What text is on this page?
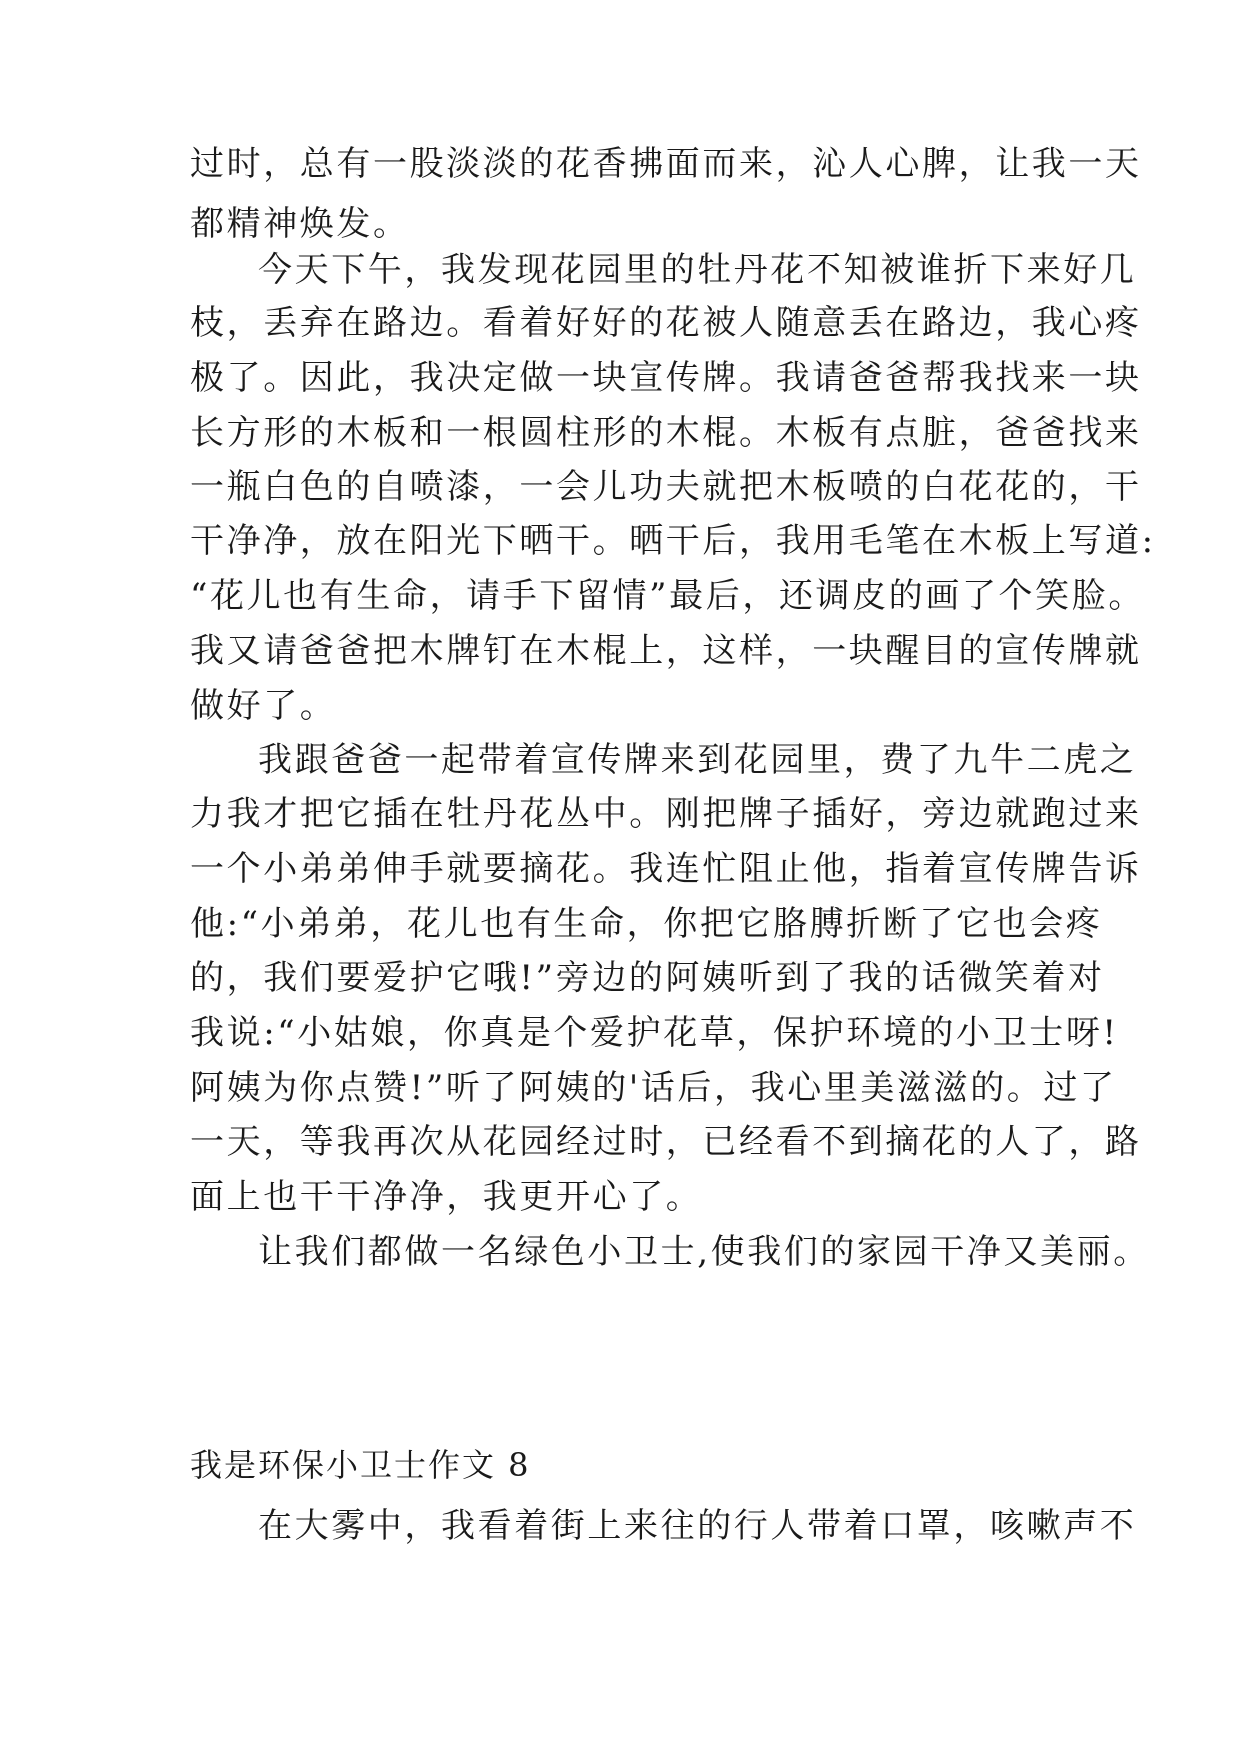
过时，总有一股淡淡的花香拂面而来，沁人心脾，让我一天
都精神焕发。
今天下午，我发现花园里的牡丹花不知被谁折下来好几
枝，丢弃在路边。看着好好的花被人随意丢在路边，我心疼
极了。因此，我决定做一块宣传牌。我请爸爸帮我找来一块
长方形的木板和一根圆柱形的木棍。木板有点脏，爸爸找来
一瓶白色的自喷漆，一会儿功夫就把木板喷的白花花的，干
干净净，放在阳光下晒干。晒干后，我用毛笔在木板上写道:
“花儿也有生命，请手下留情”最后，还调皮的画了个笑脸。
我又请爸爸把木牌钉在木棍上，这样，一块醒目的宣传牌就
做好了。
我跟爸爸一起带着宣传牌来到花园里，费了九牛二虎之
力我才把它插在牡丹花丛中。刚把牌子插好，旁边就跑过来
一个小弟弟伸手就要摘花。我连忙阻止他，指着宣传牌告诉
他:“小弟弟，花儿也有生命，你把它胳膊折断了它也会疼
的，我们要爱护它哦!”旁边的阿姨听到了我的话微笑着对
我说:“小姑娘，你真是个爱护花草，保护环境的小卫士呀!
阿姨为你点赞!”听了阿姨的'话后，我心里美滋滋的。过了
一天，等我再次从花园经过时，已经看不到摘花的人了，路
面上也干干净净，我更开心了。
让我们都做一名绿色小卫士,使我们的家园干净又美丽。
我是环保小卫士作文 8
在大雾中，我看着街上来往的行人带着口罩，咳嗽声不
